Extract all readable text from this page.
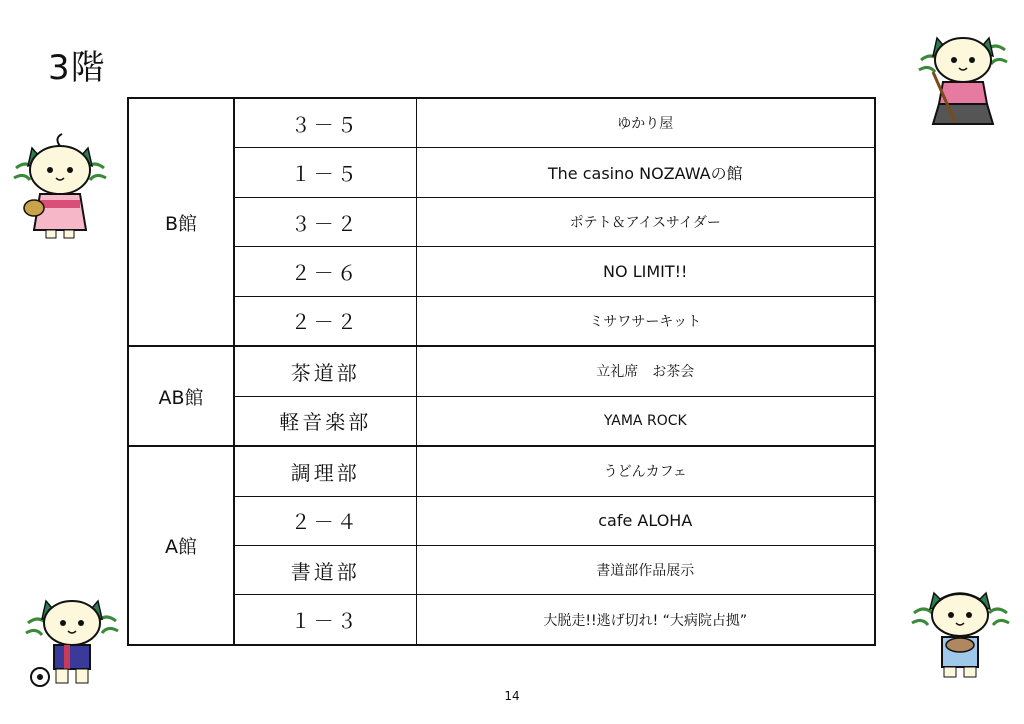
3階
B館	３－５	ゆかり屋
	１－５	The casino NOZAWAの館
	３－２	ポテト＆アイスサイダー
	２－６	NO LIMIT!!
	２－２	ミサワサーキット
AB館	茶道部	立礼席　お茶会
	軽音楽部	YAMA ROCK
A館	調理部	うどんカフェ
	２－４	cafe ALOHA
	書道部	書道部作品展示
	１－３	大脱走!!逃げ切れ! “大病院占拠”
14
